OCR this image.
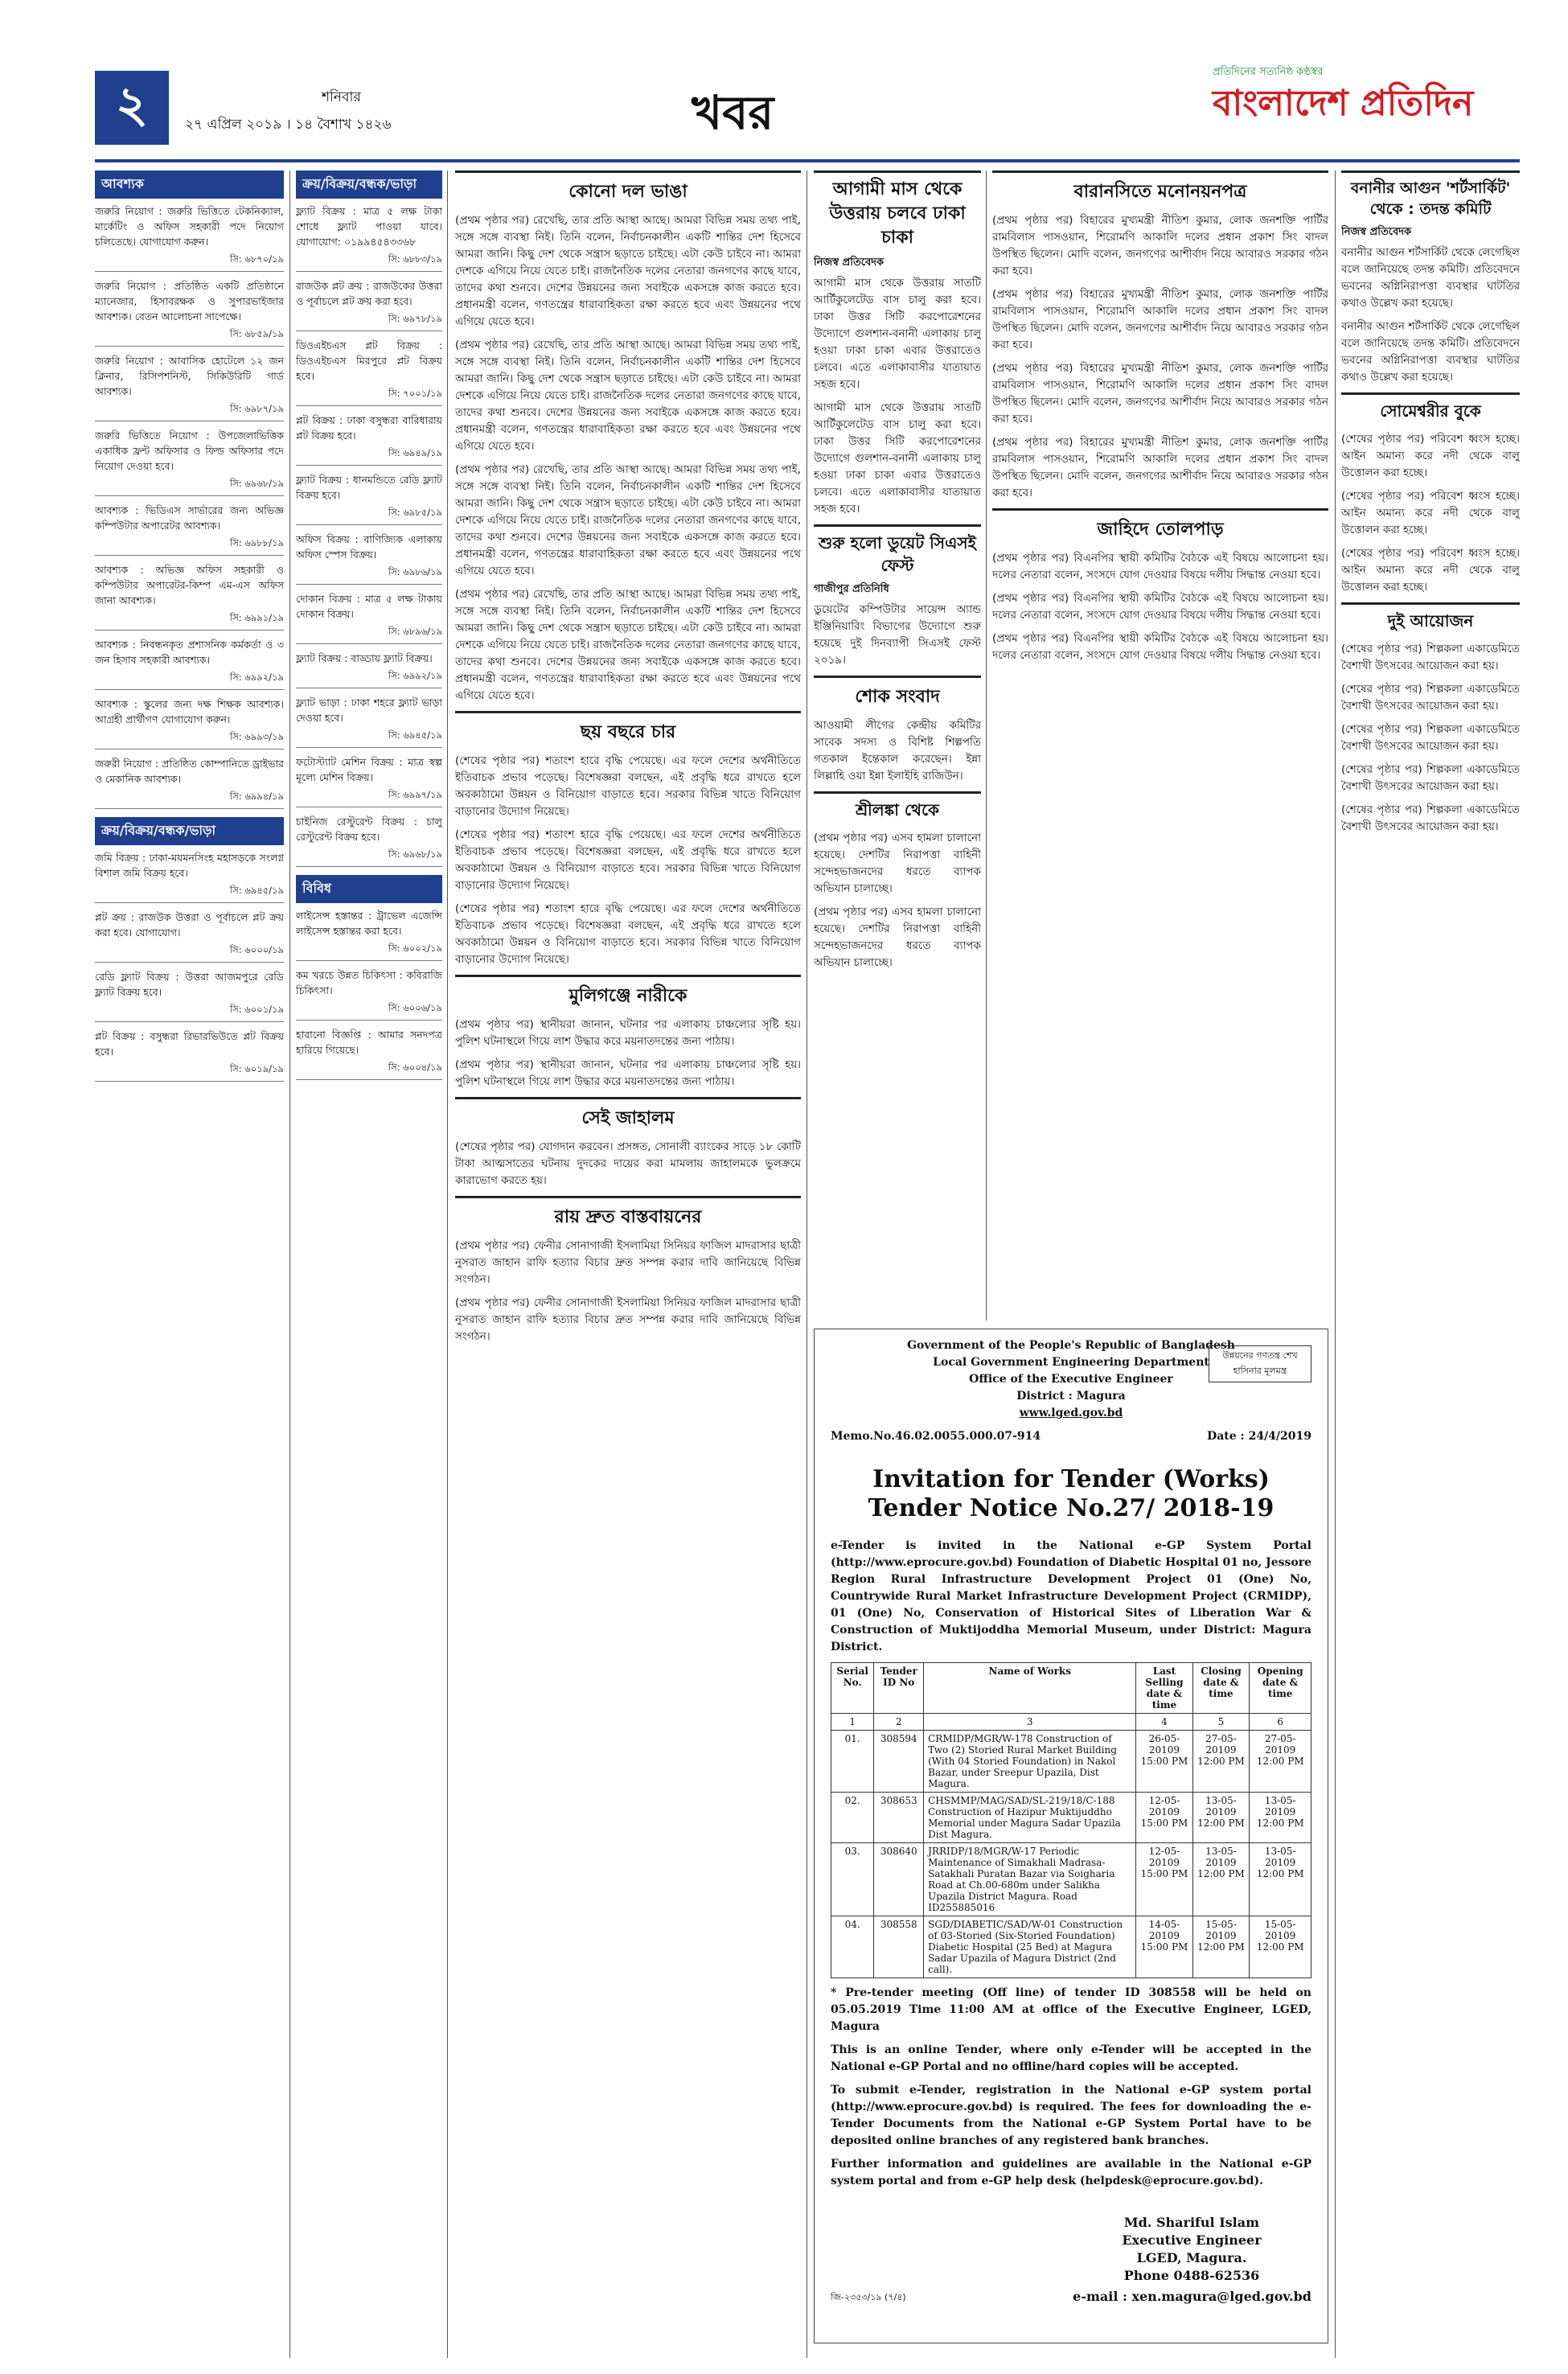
২	শনিবার
২৭ এপ্রিল ২০১৯ । ১৪ বৈশাখ ১৪২৬	খবর
প্রতিদিনের সত্যনিষ্ঠ কণ্ঠস্বর
বাংলাদেশ প্রতিদিন
আবশ্যক

জরুরি নিয়োগ : জরুরি ভিত্তিতে টেকনিক্যাল, মার্কেটিং ও অফিস সহকারী পদে নিয়োগ চলিতেছে। যোগাযোগ করুন।

সি: ৬৮৭০/১৯

জরুরি নিয়োগ : প্রতিষ্ঠিত একটি প্রতিষ্ঠানে ম্যানেজার, হিসাবরক্ষক ও সুপারভাইজার আবশ্যক। বেতন আলোচনা সাপেক্ষে।

সি: ৬৮৫৯/১৯

জরুরি নিয়োগ : আবাসিক হোটেলে ১২ জন ক্লিনার, রিসিপশনিস্ট, সিকিউরিটি গার্ড আবশ্যক।

সি: ৬৯৮৭/১৯

জরুরি ভিত্তিতে নিয়োগ : উপজেলাভিত্তিক একাধিক ফ্রন্ট অফিসার ও ফিল্ড অফিসার পদে নিয়োগ দেওয়া হবে।

সি: ৬৯৬৮/১৯

আবশ্যক : ভিডিএস সার্ভারের জন্য অভিজ্ঞ কম্পিউটার অপারেটর আবশ্যক।

সি: ৬৯৮৮/১৯

আবশ্যক : অভিজ্ঞ অফিস সহকারী ও কম্পিউটার অপারেটর-কিম্প এম-এস অফিস জানা আবশ্যক।

সি: ৬৯৯১/১৯

আবশ্যক : নিবন্ধনকৃত প্রশাসনিক কর্মকর্তা ও ৩ জন হিসাব সহকারী আবশ্যক।

সি: ৬৯৯২/১৯

আবশ্যক : স্কুলের জন্য দক্ষ শিক্ষক আবশ্যক। আগ্রহী প্রার্থীগণ যোগাযোগ করুন।

সি: ৬৯৯৩/১৯

জরুরী নিয়োগ : প্রতিষ্ঠিত কোম্পানিতে ড্রাইভার ও মেকানিক আবশ্যক।

সি: ৬৯৯৪/১৯
ক্রয়/বিক্রয়/বন্ধক/ভাড়া

জমি বিক্রয় : ঢাকা-ময়মনসিংহ মহাসড়কে সংলগ্ন বিশাল জমি বিক্রয় হবে।

সি: ৬৯৪৫/১৯

প্লট ক্রয় : রাজউক উত্তরা ও পূর্বাচলে প্লট ক্রয় করা হবে। যোগাযোগ।

সি: ৬০০০/১৯

রেডি ফ্ল্যাট বিক্রয় : উত্তরা আজমপুরে রেডি ফ্ল্যাট বিক্রয় হবে।

সি: ৬০০১/১৯

প্লট বিক্রয় : বসুন্ধরা রিভারভিউতে প্লট বিক্রয় হবে।

সি: ৬০১৯/১৯
ক্রয়/বিক্রয়/বন্ধক/ভাড়া

ফ্ল্যাট বিক্রয় : মাত্র ৫ লক্ষ টাকা শোধে ফ্ল্যাট পাওয়া যাবে। যোগাযোগ: ০১৯৯৪৫৪৩৩৬৮

সি: ৬৮৮৩/১৯

রাজউক প্লট ক্রয় : রাজউকের উত্তরা ও পূর্বাচলে প্লট ক্রয় করা হবে।

সি: ৬৯৭৮/১৯

ডিওএইচএস প্লট বিক্রয় : ডিওএইচএস মিরপুরে প্লট বিক্রয় হবে।

সি: ৭০০১/১৯

প্লট বিক্রয় : ঢাকা বসুন্ধরা বারিধারায় প্লট বিক্রয় হবে।

সি: ৬৯৪৯/১৯

ফ্ল্যাট বিক্রয় : ধানমন্ডিতে রেডি ফ্ল্যাট বিক্রয় হবে।

সি: ৬৯৮৫/১৯

অফিস বিক্রয় : বাণিজ্যিক এলাকায় অফিস স্পেস বিক্রয়।

সি: ৬৯৮৬/১৯

দোকান বিক্রয় : মাত্র ৫ লক্ষ টাকায় দোকান বিক্রয়।

সি: ৬৮৯৬/১৯

ফ্ল্যাট বিক্রয় : বাড্ডায় ফ্ল্যাট বিক্রয়।

সি: ৬৯৯২/১৯

ফ্ল্যাট ভাড়া : ঢাকা শহরে ফ্ল্যাট ভাড়া দেওয়া হবে।

সি: ৬৯৪৫/১৯

ফটোস্ট্যাট মেশিন বিক্রয় : মাত্র স্বল্প মূল্যে মেশিন বিক্রয়।

সি: ৬৯৯৭/১৯

চাইনিজ রেস্টুরেন্ট বিক্রয় : চালু রেস্টুরেন্ট বিক্রয় হবে।

সি: ৬৯৬৮/১৯
বিবিধ

লাইসেন্স হস্তান্তর : ট্রাভেল এজেন্সি লাইসেন্স হস্তান্তর করা হবে।

সি: ৬০০২/১৯

কম খরচে উন্নত চিকিৎসা : কবিরাজি চিকিৎসা।

সি: ৬০০৬/১৯

হারানো বিজ্ঞপ্তি : আমার সনদপত্র হারিয়ে গিয়েছে।

সি: ৬০০৪/১৯
কোনো দল ভাঙা

(প্রথম পৃষ্ঠার পর) রেখেছি, তার প্রতি আস্থা আছে। আমরা বিভিন্ন সময় তথ্য পাই, সঙ্গে সঙ্গে ব্যবস্থা নিই। তিনি বলেন, নির্বাচনকালীন একটি শান্তির দেশ হিসেবে আমরা জানি। কিছু দেশ থেকে সন্ত্রাস ছড়াতে চাইছে। এটা কেউ চাইবে না। আমরা দেশকে এগিয়ে নিয়ে যেতে চাই। রাজনৈতিক দলের নেতারা জনগণের কাছে যাবে, তাদের কথা শুনবে। দেশের উন্নয়নের জন্য সবাইকে একসঙ্গে কাজ করতে হবে। প্রধানমন্ত্রী বলেন, গণতন্ত্রের ধারাবাহিকতা রক্ষা করতে হবে এবং উন্নয়নের পথে এগিয়ে যেতে হবে।

(প্রথম পৃষ্ঠার পর) রেখেছি, তার প্রতি আস্থা আছে। আমরা বিভিন্ন সময় তথ্য পাই, সঙ্গে সঙ্গে ব্যবস্থা নিই। তিনি বলেন, নির্বাচনকালীন একটি শান্তির দেশ হিসেবে আমরা জানি। কিছু দেশ থেকে সন্ত্রাস ছড়াতে চাইছে। এটা কেউ চাইবে না। আমরা দেশকে এগিয়ে নিয়ে যেতে চাই। রাজনৈতিক দলের নেতারা জনগণের কাছে যাবে, তাদের কথা শুনবে। দেশের উন্নয়নের জন্য সবাইকে একসঙ্গে কাজ করতে হবে। প্রধানমন্ত্রী বলেন, গণতন্ত্রের ধারাবাহিকতা রক্ষা করতে হবে এবং উন্নয়নের পথে এগিয়ে যেতে হবে।

(প্রথম পৃষ্ঠার পর) রেখেছি, তার প্রতি আস্থা আছে। আমরা বিভিন্ন সময় তথ্য পাই, সঙ্গে সঙ্গে ব্যবস্থা নিই। তিনি বলেন, নির্বাচনকালীন একটি শান্তির দেশ হিসেবে আমরা জানি। কিছু দেশ থেকে সন্ত্রাস ছড়াতে চাইছে। এটা কেউ চাইবে না। আমরা দেশকে এগিয়ে নিয়ে যেতে চাই। রাজনৈতিক দলের নেতারা জনগণের কাছে যাবে, তাদের কথা শুনবে। দেশের উন্নয়নের জন্য সবাইকে একসঙ্গে কাজ করতে হবে। প্রধানমন্ত্রী বলেন, গণতন্ত্রের ধারাবাহিকতা রক্ষা করতে হবে এবং উন্নয়নের পথে এগিয়ে যেতে হবে।

(প্রথম পৃষ্ঠার পর) রেখেছি, তার প্রতি আস্থা আছে। আমরা বিভিন্ন সময় তথ্য পাই, সঙ্গে সঙ্গে ব্যবস্থা নিই। তিনি বলেন, নির্বাচনকালীন একটি শান্তির দেশ হিসেবে আমরা জানি। কিছু দেশ থেকে সন্ত্রাস ছড়াতে চাইছে। এটা কেউ চাইবে না। আমরা দেশকে এগিয়ে নিয়ে যেতে চাই। রাজনৈতিক দলের নেতারা জনগণের কাছে যাবে, তাদের কথা শুনবে। দেশের উন্নয়নের জন্য সবাইকে একসঙ্গে কাজ করতে হবে। প্রধানমন্ত্রী বলেন, গণতন্ত্রের ধারাবাহিকতা রক্ষা করতে হবে এবং উন্নয়নের পথে এগিয়ে যেতে হবে।

ছয় বছরে চার

(শেষের পৃষ্ঠার পর) শতাংশ হারে বৃদ্ধি পেয়েছে। এর ফলে দেশের অর্থনীতিতে ইতিবাচক প্রভাব পড়েছে। বিশেষজ্ঞরা বলছেন, এই প্রবৃদ্ধি ধরে রাখতে হলে অবকাঠামো উন্নয়ন ও বিনিয়োগ বাড়াতে হবে। সরকার বিভিন্ন খাতে বিনিয়োগ বাড়ানোর উদ্যোগ নিয়েছে।

(শেষের পৃষ্ঠার পর) শতাংশ হারে বৃদ্ধি পেয়েছে। এর ফলে দেশের অর্থনীতিতে ইতিবাচক প্রভাব পড়েছে। বিশেষজ্ঞরা বলছেন, এই প্রবৃদ্ধি ধরে রাখতে হলে অবকাঠামো উন্নয়ন ও বিনিয়োগ বাড়াতে হবে। সরকার বিভিন্ন খাতে বিনিয়োগ বাড়ানোর উদ্যোগ নিয়েছে।

(শেষের পৃষ্ঠার পর) শতাংশ হারে বৃদ্ধি পেয়েছে। এর ফলে দেশের অর্থনীতিতে ইতিবাচক প্রভাব পড়েছে। বিশেষজ্ঞরা বলছেন, এই প্রবৃদ্ধি ধরে রাখতে হলে অবকাঠামো উন্নয়ন ও বিনিয়োগ বাড়াতে হবে। সরকার বিভিন্ন খাতে বিনিয়োগ বাড়ানোর উদ্যোগ নিয়েছে।

মুলিগঞ্জে নারীকে

(প্রথম পৃষ্ঠার পর) স্থানীয়রা জানান, ঘটনার পর এলাকায় চাঞ্চল্যের সৃষ্টি হয়। পুলিশ ঘটনাস্থলে গিয়ে লাশ উদ্ধার করে ময়নাতদন্তের জন্য পাঠায়।

(প্রথম পৃষ্ঠার পর) স্থানীয়রা জানান, ঘটনার পর এলাকায় চাঞ্চল্যের সৃষ্টি হয়। পুলিশ ঘটনাস্থলে গিয়ে লাশ উদ্ধার করে ময়নাতদন্তের জন্য পাঠায়।

সেই জাহালম

(শেষের পৃষ্ঠার পর) যোগদান করবেন। প্রসঙ্গত, সোনালী ব্যাংকের সাড়ে ১৮ কোটি টাকা আত্মসাতের ঘটনায় দুদকের দায়ের করা মামলায় জাহালমকে ভুলক্রমে কারাভোগ করতে হয়।

রায় দ্রুত বাস্তবায়নের

(প্রথম পৃষ্ঠার পর) ফেনীর সোনাগাজী ইসলামিয়া সিনিয়র ফাজিল মাদরাসার ছাত্রী নুসরাত জাহান রাফি হত্যার বিচার দ্রুত সম্পন্ন করার দাবি জানিয়েছে বিভিন্ন সংগঠন।

(প্রথম পৃষ্ঠার পর) ফেনীর সোনাগাজী ইসলামিয়া সিনিয়র ফাজিল মাদরাসার ছাত্রী নুসরাত জাহান রাফি হত্যার বিচার দ্রুত সম্পন্ন করার দাবি জানিয়েছে বিভিন্ন সংগঠন।

আগামী মাস থেকে উত্তরায় চলবে ঢাকা চাকা
নিজস্ব প্রতিবেদক

আগামী মাস থেকে উত্তরায় সাতটি আর্টিকুলেটেড বাস চালু করা হবে। ঢাকা উত্তর সিটি করপোরেশনের উদ্যোগে গুলশান-বনানী এলাকায় চালু হওয়া ঢাকা চাকা এবার উত্তরাতেও চলবে। এতে এলাকাবাসীর যাতায়াত সহজ হবে।

আগামী মাস থেকে উত্তরায় সাতটি আর্টিকুলেটেড বাস চালু করা হবে। ঢাকা উত্তর সিটি করপোরেশনের উদ্যোগে গুলশান-বনানী এলাকায় চালু হওয়া ঢাকা চাকা এবার উত্তরাতেও চলবে। এতে এলাকাবাসীর যাতায়াত সহজ হবে।

শুরু হলো ডুয়েট সিএসই ফেস্ট
গাজীপুর প্রতিনিধি

ডুয়েটের কম্পিউটার সায়েন্স অ্যান্ড ইঞ্জিনিয়ারিং বিভাগের উদ্যোগে শুরু হয়েছে দুই দিনব্যাপী সিএসই ফেস্ট ২০১৯।

শোক সংবাদ

আওয়ামী লীগের কেন্দ্রীয় কমিটির সাবেক সদস্য ও বিশিষ্ট শিল্পপতি গতকাল ইন্তেকাল করেছেন। ইন্না লিল্লাহি ওয়া ইন্না ইলাইহি রাজিউন।

শ্রীলঙ্কা থেকে

(প্রথম পৃষ্ঠার পর) এসব হামলা চালানো হয়েছে। দেশটির নিরাপত্তা বাহিনী সন্দেহভাজনদের ধরতে ব্যাপক অভিযান চালাচ্ছে।

(প্রথম পৃষ্ঠার পর) এসব হামলা চালানো হয়েছে। দেশটির নিরাপত্তা বাহিনী সন্দেহভাজনদের ধরতে ব্যাপক অভিযান চালাচ্ছে।

বারানসিতে মনোনয়নপত্র

(প্রথম পৃষ্ঠার পর) বিহারের মুখ্যমন্ত্রী নীতিশ কুমার, লোক জনশক্তি পার্টির রামবিলাস পাসওয়ান, শিরোমণি আকালি দলের প্রধান প্রকাশ সিং বাদল উপস্থিত ছিলেন। মোদি বলেন, জনগণের আশীর্বাদ নিয়ে আবারও সরকার গঠন করা হবে।

(প্রথম পৃষ্ঠার পর) বিহারের মুখ্যমন্ত্রী নীতিশ কুমার, লোক জনশক্তি পার্টির রামবিলাস পাসওয়ান, শিরোমণি আকালি দলের প্রধান প্রকাশ সিং বাদল উপস্থিত ছিলেন। মোদি বলেন, জনগণের আশীর্বাদ নিয়ে আবারও সরকার গঠন করা হবে।

(প্রথম পৃষ্ঠার পর) বিহারের মুখ্যমন্ত্রী নীতিশ কুমার, লোক জনশক্তি পার্টির রামবিলাস পাসওয়ান, শিরোমণি আকালি দলের প্রধান প্রকাশ সিং বাদল উপস্থিত ছিলেন। মোদি বলেন, জনগণের আশীর্বাদ নিয়ে আবারও সরকার গঠন করা হবে।

(প্রথম পৃষ্ঠার পর) বিহারের মুখ্যমন্ত্রী নীতিশ কুমার, লোক জনশক্তি পার্টির রামবিলাস পাসওয়ান, শিরোমণি আকালি দলের প্রধান প্রকাশ সিং বাদল উপস্থিত ছিলেন। মোদি বলেন, জনগণের আশীর্বাদ নিয়ে আবারও সরকার গঠন করা হবে।

জাহিদে তোলপাড়

(প্রথম পৃষ্ঠার পর) বিএনপির স্থায়ী কমিটির বৈঠকে এই বিষয়ে আলোচনা হয়। দলের নেতারা বলেন, সংসদে যোগ দেওয়ার বিষয়ে দলীয় সিদ্ধান্ত নেওয়া হবে।

(প্রথম পৃষ্ঠার পর) বিএনপির স্থায়ী কমিটির বৈঠকে এই বিষয়ে আলোচনা হয়। দলের নেতারা বলেন, সংসদে যোগ দেওয়ার বিষয়ে দলীয় সিদ্ধান্ত নেওয়া হবে।

(প্রথম পৃষ্ঠার পর) বিএনপির স্থায়ী কমিটির বৈঠকে এই বিষয়ে আলোচনা হয়। দলের নেতারা বলেন, সংসদে যোগ দেওয়ার বিষয়ে দলীয় সিদ্ধান্ত নেওয়া হবে।

বনানীর আগুন 'শর্টসার্কিট' থেকে : তদন্ত কমিটি
নিজস্ব প্রতিবেদক

বনানীর আগুন শর্টসার্কিট থেকে লেগেছিল বলে জানিয়েছে তদন্ত কমিটি। প্রতিবেদনে ভবনের অগ্নিনিরাপত্তা ব্যবস্থার ঘাটতির কথাও উল্লেখ করা হয়েছে।

বনানীর আগুন শর্টসার্কিট থেকে লেগেছিল বলে জানিয়েছে তদন্ত কমিটি। প্রতিবেদনে ভবনের অগ্নিনিরাপত্তা ব্যবস্থার ঘাটতির কথাও উল্লেখ করা হয়েছে।

সোমেশ্বরীর বুকে

(শেষের পৃষ্ঠার পর) পরিবেশ ধ্বংস হচ্ছে। আইন অমান্য করে নদী থেকে বালু উত্তোলন করা হচ্ছে।

(শেষের পৃষ্ঠার পর) পরিবেশ ধ্বংস হচ্ছে। আইন অমান্য করে নদী থেকে বালু উত্তোলন করা হচ্ছে।

(শেষের পৃষ্ঠার পর) পরিবেশ ধ্বংস হচ্ছে। আইন অমান্য করে নদী থেকে বালু উত্তোলন করা হচ্ছে।

দুই আয়োজন

(শেষের পৃষ্ঠার পর) শিল্পকলা একাডেমিতে বৈশাখী উৎসবের আয়োজন করা হয়।

(শেষের পৃষ্ঠার পর) শিল্পকলা একাডেমিতে বৈশাখী উৎসবের আয়োজন করা হয়।

(শেষের পৃষ্ঠার পর) শিল্পকলা একাডেমিতে বৈশাখী উৎসবের আয়োজন করা হয়।

(শেষের পৃষ্ঠার পর) শিল্পকলা একাডেমিতে বৈশাখী উৎসবের আয়োজন করা হয়।

(শেষের পৃষ্ঠার পর) শিল্পকলা একাডেমিতে বৈশাখী উৎসবের আয়োজন করা হয়।

Government of the People's Republic of Bangladesh
Local Government Engineering Department
Office of the Executive Engineer
District : Magura
www.lged.gov.bd
উন্নয়নের গণতন্ত্র শেখ হাসিনার মূলমন্ত্র
Memo.No.46.02.0055.000.07-914	Date : 24/4/2019
Invitation for Tender (Works)
Tender Notice No.27/ 2018-19

e-Tender is invited in the National e-GP System Portal (http://www.eprocure.gov.bd) Foundation of Diabetic Hospital 01 no, Jessore Region Rural Infrastructure Development Project 01 (One) No, Countrywide Rural Market Infrastructure Development Project (CRMIDP), 01 (One) No, Conservation of Historical Sites of Liberation War & Construction of Muktijoddha Memorial Museum, under District: Magura District.

Serial No.	Tender ID No	Name of Works	Last Selling date & time	Closing date & time	Opening date & time
1	2	3	4	5	6
01.	308594	CRMIDP/MGR/W-178 Construction of Two (2) Storied Rural Market Building (With 04 Storied Foundation) in Nakol Bazar, under Sreepur Upazila, Dist Magura.	26-05-20109 15:00 PM	27-05-20109 12:00 PM	27-05-20109 12:00 PM
02.	308653	CHSMMP/MAG/SAD/SL-219/18/C-188 Construction of Hazipur Muktijuddho Memorial under Magura Sadar Upazila Dist Magura.	12-05-20109 15:00 PM	13-05-20109 12:00 PM	13-05-20109 12:00 PM
03.	308640	JRRIDP/18/MGR/W-17 Periodic Maintenance of Simakhali Madrasa-Satakhali Puratan Bazar via Soigharia Road at Ch.00-680m under Salikha Upazila District Magura. Road ID255885016	12-05-20109 15:00 PM	13-05-20109 12:00 PM	13-05-20109 12:00 PM
04.	308558	SGD/DIABETIC/SAD/W-01 Construction of 03-Storied (Six-Storied Foundation) Diabetic Hospital (25 Bed) at Magura Sadar Upazila of Magura District (2nd call).	14-05-20109 15:00 PM	15-05-20109 12:00 PM	15-05-20109 12:00 PM

* Pre-tender meeting (Off line) of tender ID 308558 will be held on 05.05.2019 Time 11:00 AM at office of the Executive Engineer, LGED, Magura

This is an online Tender, where only e-Tender will be accepted in the National e-GP Portal and no offline/hard copies will be accepted.

To submit e-Tender, registration in the National e-GP system portal (http://www.eprocure.gov.bd) is required. The fees for downloading the e-Tender Documents from the National e-GP System Portal have to be deposited online branches of any registered bank branches.

Further information and guidelines are available in the National e-GP system portal and from e-GP help desk (helpdesk@eprocure.gov.bd).

Md. Shariful Islam
Executive Engineer
LGED, Magura.
Phone 0488-62536
জি-২৩৫৩/১৯ (৭/৪)	e-mail : xen.magura@lged.gov.bd
